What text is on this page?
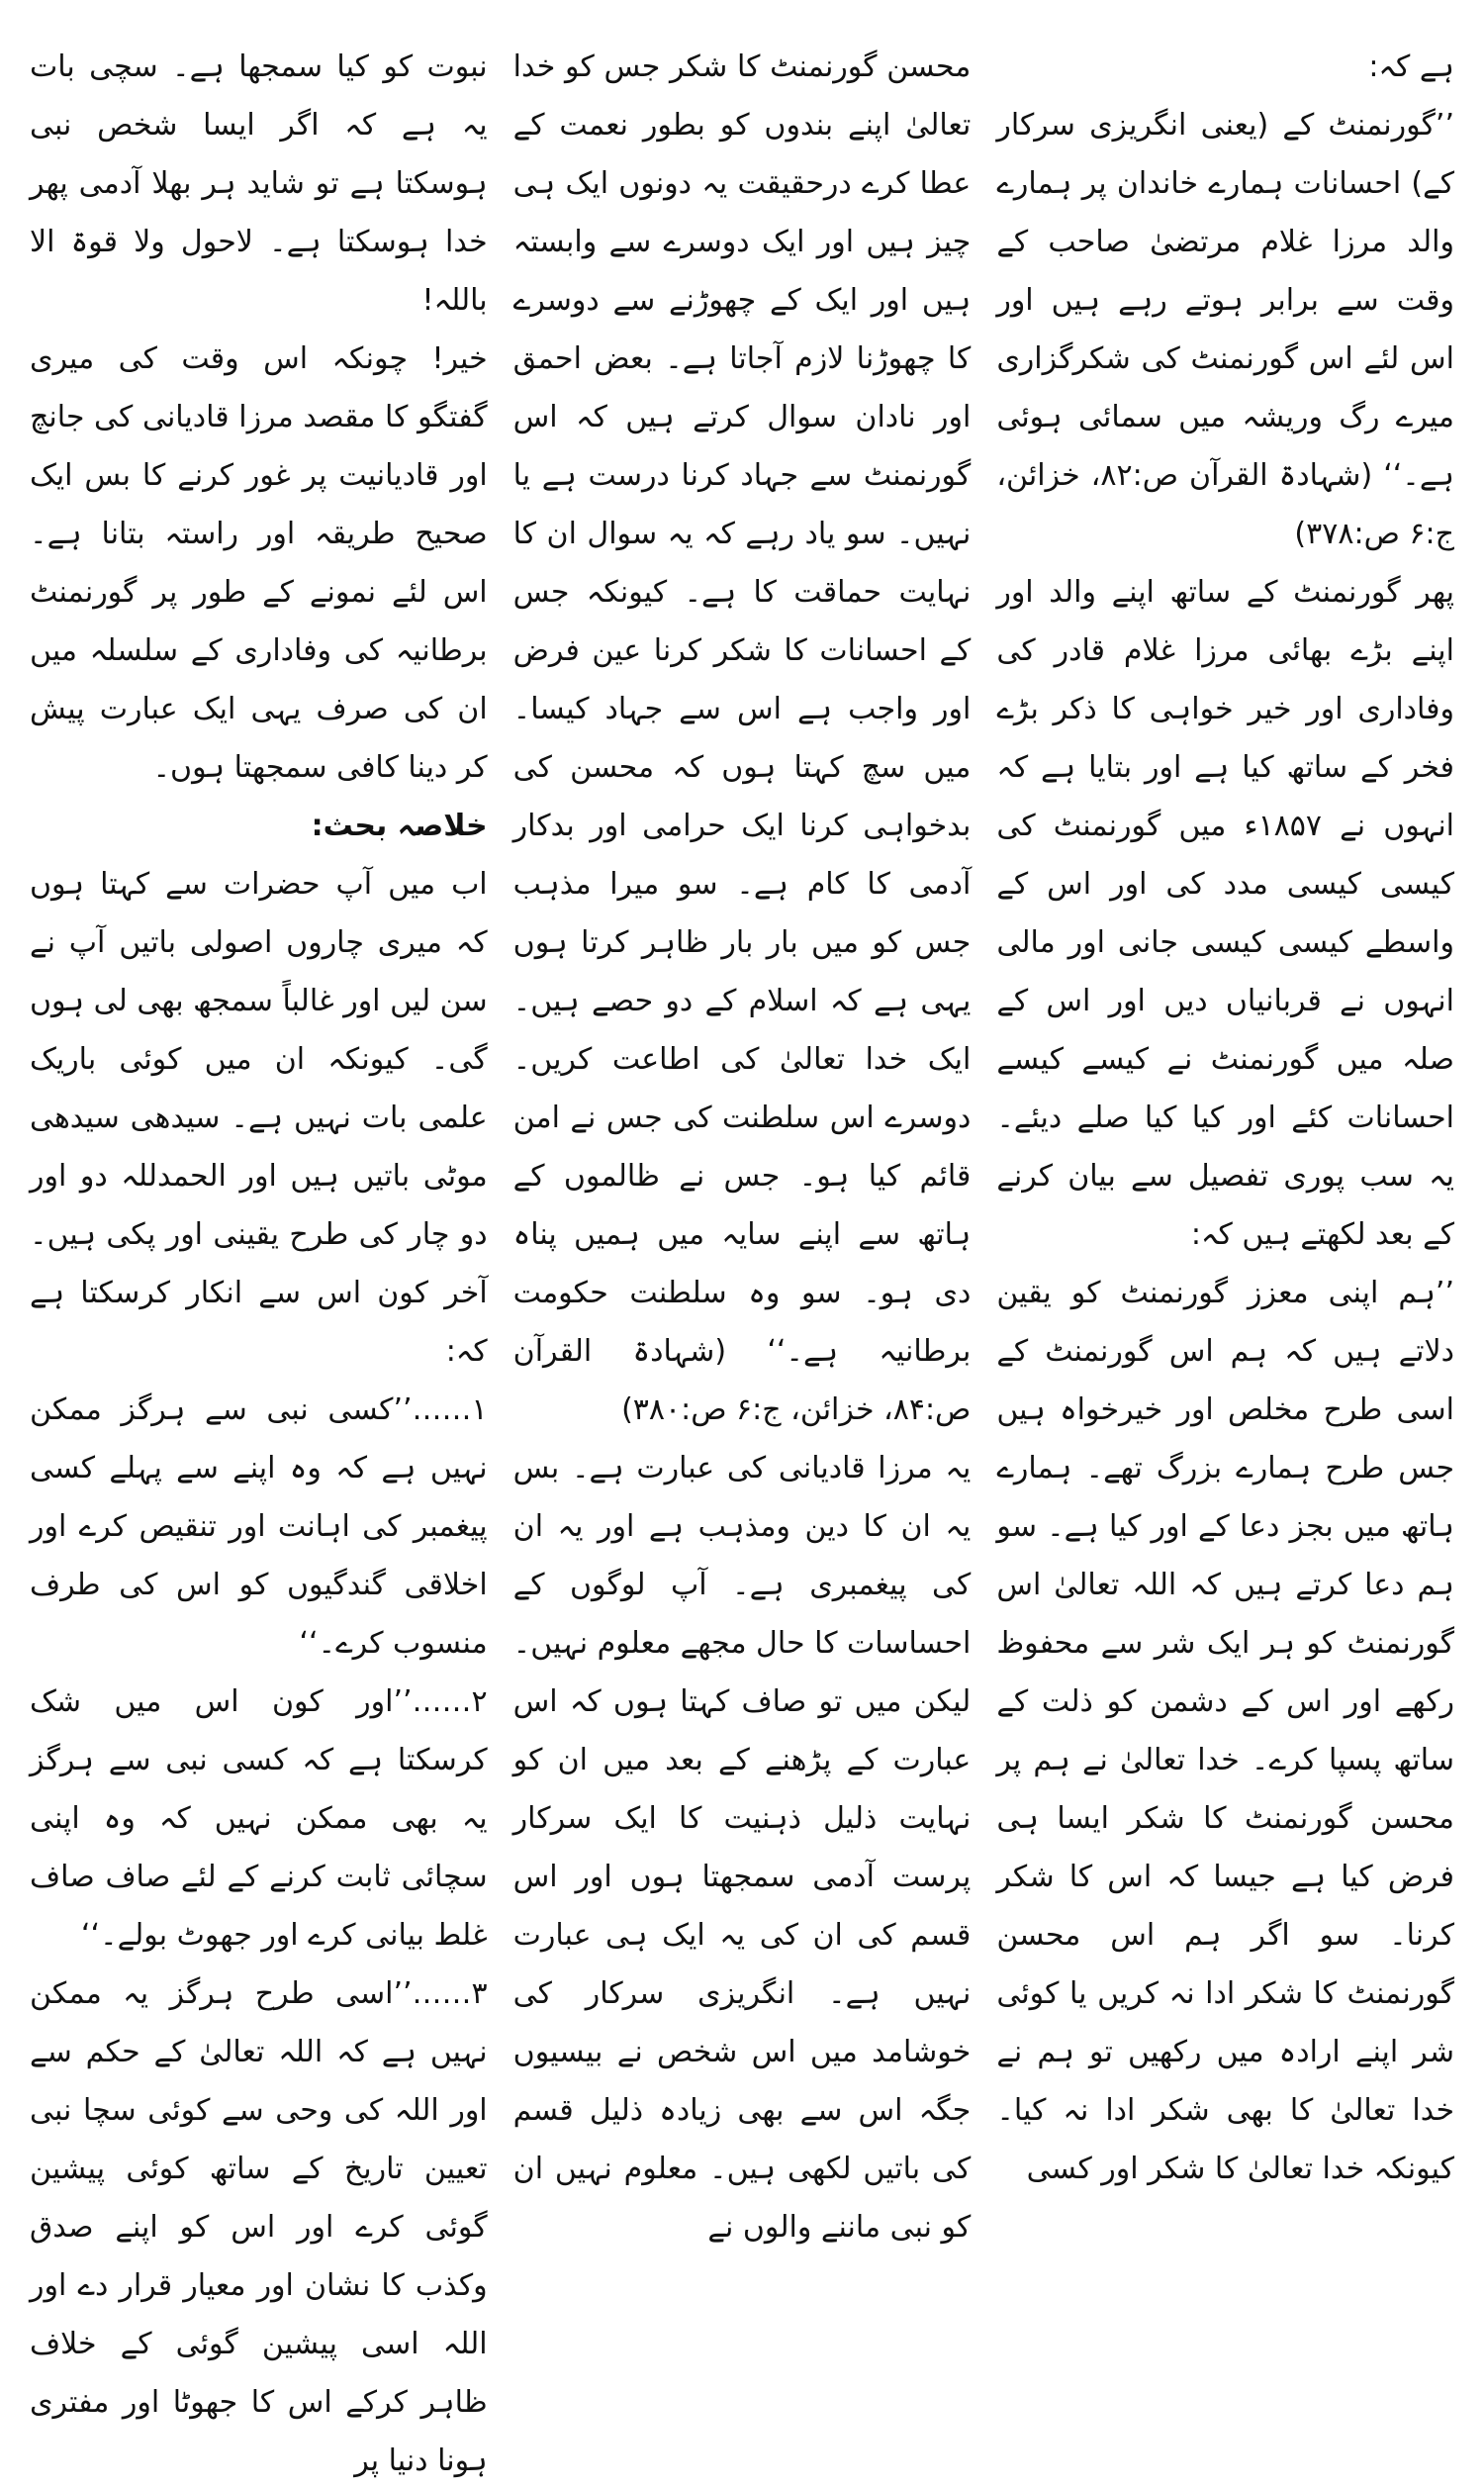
ہے کہ:

’’گورنمنٹ کے (یعنی انگریزی سرکار کے) احسانات ہمارے خاندان پر ہمارے والد مرزا غلام مرتضیٰ صاحب کے وقت سے برابر ہوتے رہے ہیں اور اس لئے اس گورنمنٹ کی شکرگزاری میرے رگ وریشہ میں سمائی ہوئی ہے۔‘‘ (شہادۃ القرآن ص:۸۲، خزائن، ج:۶ ص:۳۷۸)

پھر گورنمنٹ کے ساتھ اپنے والد اور اپنے بڑے بھائی مرزا غلام قادر کی وفاداری اور خیر خواہی کا ذکر بڑے فخر کے ساتھ کیا ہے اور بتایا ہے کہ انہوں نے ۱۸۵۷ء میں گورنمنٹ کی کیسی کیسی مدد کی اور اس کے واسطے کیسی کیسی جانی اور مالی انہوں نے قربانیاں دیں اور اس کے صلہ میں گورنمنٹ نے کیسے کیسے احسانات کئے اور کیا کیا صلے دیئے۔ یہ سب پوری تفصیل سے بیان کرنے کے بعد لکھتے ہیں کہ:

’’ہم اپنی معزز گورنمنٹ کو یقین دلاتے ہیں کہ ہم اس گورنمنٹ کے اسی طرح مخلص اور خیرخواہ ہیں جس طرح ہمارے بزرگ تھے۔ ہمارے ہاتھ میں بجز دعا کے اور کیا ہے۔ سو ہم دعا کرتے ہیں کہ اللہ تعالیٰ اس گورنمنٹ کو ہر ایک شر سے محفوظ رکھے اور اس کے دشمن کو ذلت کے ساتھ پسپا کرے۔ خدا تعالیٰ نے ہم پر محسن گورنمنٹ کا شکر ایسا ہی فرض کیا ہے جیسا کہ اس کا شکر کرنا۔ سو اگر ہم اس محسن گورنمنٹ کا شکر ادا نہ کریں یا کوئی شر اپنے ارادہ میں رکھیں تو ہم نے خدا تعالیٰ کا بھی شکر ادا نہ کیا۔ کیونکہ خدا تعالیٰ کا شکر اور کسی

محسن گورنمنٹ کا شکر جس کو خدا تعالیٰ اپنے بندوں کو بطور نعمت کے عطا کرے درحقیقت یہ دونوں ایک ہی چیز ہیں اور ایک دوسرے سے وابستہ ہیں اور ایک کے چھوڑنے سے دوسرے کا چھوڑنا لازم آجاتا ہے۔ بعض احمق اور نادان سوال کرتے ہیں کہ اس گورنمنٹ سے جہاد کرنا درست ہے یا نہیں۔ سو یاد رہے کہ یہ سوال ان کا نہایت حماقت کا ہے۔ کیونکہ جس کے احسانات کا شکر کرنا عین فرض اور واجب ہے اس سے جہاد کیسا۔ میں سچ کہتا ہوں کہ محسن کی بدخواہی کرنا ایک حرامی اور بدکار آدمی کا کام ہے۔ سو میرا مذہب جس کو میں بار بار ظاہر کرتا ہوں یہی ہے کہ اسلام کے دو حصے ہیں۔ ایک خدا تعالیٰ کی اطاعت کریں۔ دوسرے اس سلطنت کی جس نے امن قائم کیا ہو۔ جس نے ظالموں کے ہاتھ سے اپنے سایہ میں ہمیں پناہ دی ہو۔ سو وہ سلطنت حکومت برطانیہ ہے۔‘‘ (شہادۃ القرآن ص:۸۴، خزائن، ج:۶ ص:۳۸۰)

یہ مرزا قادیانی کی عبارت ہے۔ بس یہ ان کا دین ومذہب ہے اور یہ ان کی پیغمبری ہے۔ آپ لوگوں کے احساسات کا حال مجھے معلوم نہیں۔ لیکن میں تو صاف کہتا ہوں کہ اس عبارت کے پڑھنے کے بعد میں ان کو نہایت ذلیل ذہنیت کا ایک سرکار پرست آدمی سمجھتا ہوں اور اس قسم کی ان کی یہ ایک ہی عبارت نہیں ہے۔ انگریزی سرکار کی خوشامد میں اس شخص نے بیسیوں جگہ اس سے بھی زیادہ ذلیل قسم کی باتیں لکھی ہیں۔ معلوم نہیں ان کو نبی ماننے والوں نے

نبوت کو کیا سمجھا ہے۔ سچی بات یہ ہے کہ اگر ایسا شخص نبی ہوسکتا ہے تو شاید ہر بھلا آدمی پھر خدا ہوسکتا ہے۔ لاحول ولا قوۃ الا باللہ!

خیر! چونکہ اس وقت کی میری گفتگو کا مقصد مرزا قادیانی کی جانچ اور قادیانیت پر غور کرنے کا بس ایک صحیح طریقہ اور راستہ بتانا ہے۔ اس لئے نمونے کے طور پر گورنمنٹ برطانیہ کی وفاداری کے سلسلہ میں ان کی صرف یہی ایک عبارت پیش کر دینا کافی سمجھتا ہوں۔

خلاصہ بحث:

اب میں آپ حضرات سے کہتا ہوں کہ میری چاروں اصولی باتیں آپ نے سن لیں اور غالباً سمجھ بھی لی ہوں گی۔ کیونکہ ان میں کوئی باریک علمی بات نہیں ہے۔ سیدھی سیدھی موٹی باتیں ہیں اور الحمدللہ دو اور دو چار کی طرح یقینی اور پکی ہیں۔ آخر کون اس سے انکار کرسکتا ہے کہ:

۱……’’کسی نبی سے ہرگز ممکن نہیں ہے کہ وہ اپنے سے پہلے کسی پیغمبر کی اہانت اور تنقیص کرے اور اخلاقی گندگیوں کو اس کی طرف منسوب کرے۔‘‘

۲……’’اور کون اس میں شک کرسکتا ہے کہ کسی نبی سے ہرگز یہ بھی ممکن نہیں کہ وہ اپنی سچائی ثابت کرنے کے لئے صاف صاف غلط بیانی کرے اور جھوٹ بولے۔‘‘

۳……’’اسی طرح ہرگز یہ ممکن نہیں ہے کہ اللہ تعالیٰ کے حکم سے اور اللہ کی وحی سے کوئی سچا نبی تعیین تاریخ کے ساتھ کوئی پیشین گوئی کرے اور اس کو اپنے صدق وکذب کا نشان اور معیار قرار دے اور اللہ اسی پیشین گوئی کے خلاف ظاہر کرکے اس کا جھوٹا اور مفتری ہونا دنیا پر
